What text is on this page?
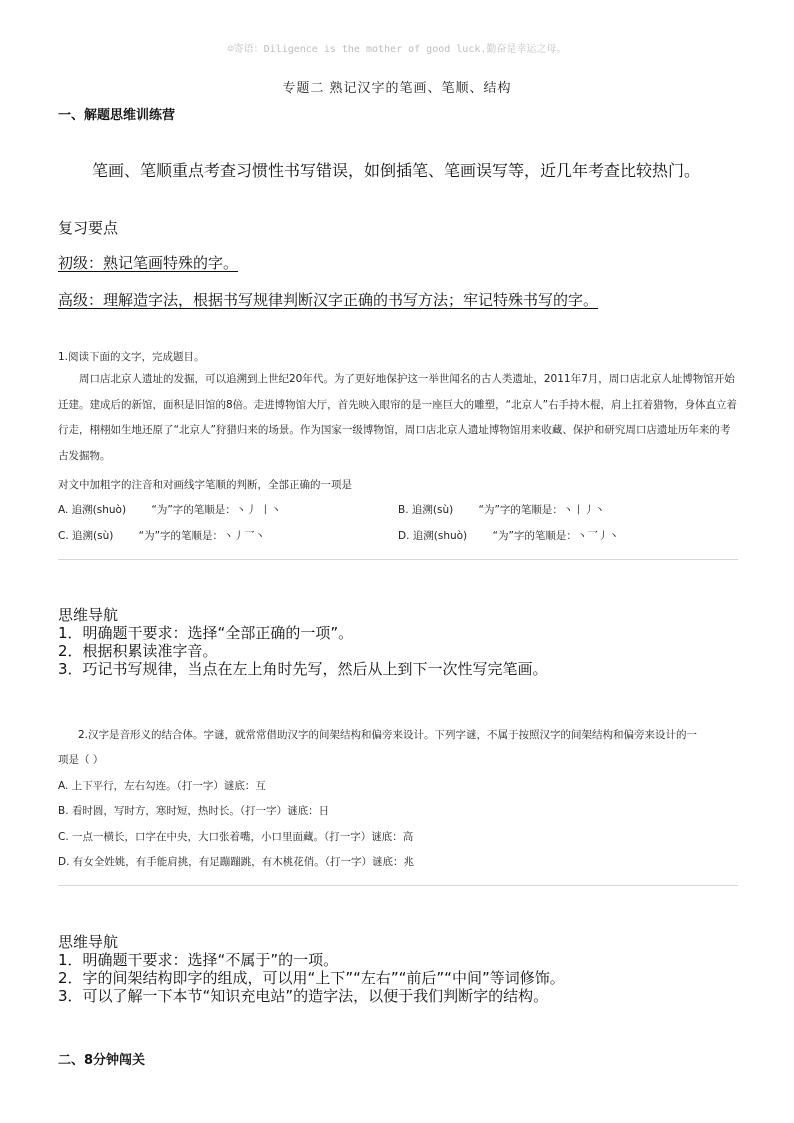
☺寄语：Diligence is the mother of good luck.勤奋是幸运之母。
专题二 熟记汉字的笔画、笔顺、结构
一、解题思维训练营
笔画、笔顺重点考查习惯性书写错误，如倒插笔、笔画误写等，近几年考查比较热门。
复习要点
初级：熟记笔画特殊的字。
高级：理解造字法，根据书写规律判断汉字正确的书写方法；牢记特殊书写的字。
1.阅读下面的文字，完成题目。

周口店北京人遗址的发掘，可以追溯到上世纪20年代。为了更好地保护这一举世闻名的古人类遗址，2011年7月，周口店北京人址博物馆开始迁建。建成后的新馆，面积是旧馆的8倍。走进博物馆大厅，首先映入眼帘的是一座巨大的雕塑，“北京人”右手持木棍，肩上扛着猎物，身体直立着行走，栩栩如生地还原了“北京人”狩猎归来的场景。作为国家一级博物馆，周口店北京人遗址博物馆用来收藏、保护和研究周口店遗址历年来的考古发掘物。

对文中加粗字的注音和对画线字笔顺的判断，全部正确的一项是
A. 追溯(shuò) “为”字的笔顺是：丶丿 丨丶	B. 追溯(sù) “为”字的笔顺是：丶丨丿丶
C. 追溯(sù) “为”字的笔顺是：丶丿乛丶	D. 追溯(shuò) “为”字的笔顺是：丶乛丿丶
思维导航
1．明确题干要求：选择“全部正确的一项”。
2．根据积累读准字音。
3．巧记书写规律，当点在左上角时先写，然后从上到下一次性写完笔画。
2.汉字是音形义的结合体。字谜，就常常借助汉字的间架结构和偏旁来设计。下列字谜，不属于按照汉字的间架结构和偏旁来设计的一
项是（ ）
A. 上下平行，左右勾连。（打一字）谜底：互
B. 看时圆，写时方，寒时短，热时长。（打一字）谜底：日
C. 一点一横长，口字在中央，大口张着嘴，小口里面藏。（打一字）谜底：高
D. 有女全姓姚，有手能肩挑，有足蹦蹦跳，有木桃花俏。（打一字）谜底：兆
思维导航
1．明确题干要求：选择“不属于”的一项。
2．字的间架结构即字的组成，可以用“上下”“左右”“前后”“中间”等词修饰。
3．可以了解一下本节“知识充电站”的造字法，以便于我们判断字的结构。
二、8分钟闯关
